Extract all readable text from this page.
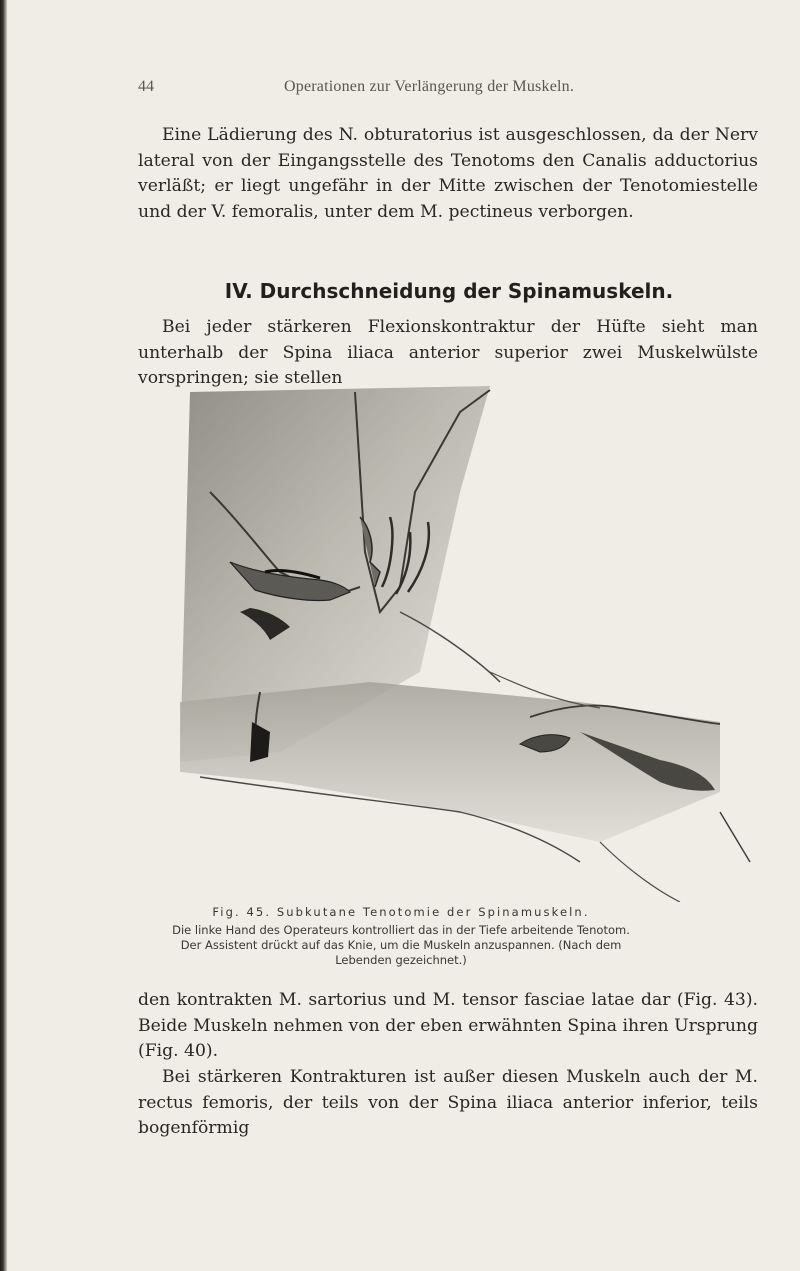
44	Operationen zur Verlängerung der Muskeln.

Eine Lädierung des N. obturatorius ist ausgeschlossen, da der Nerv lateral von der Eingangsstelle des Tenotoms den Canalis adductorius verläßt; er liegt ungefähr in der Mitte zwischen der Tenotomiestelle und der V. femoralis, unter dem M. pectineus verborgen.

IV. Durchschneidung der Spinamuskeln.

Bei jeder stärkeren Flexionskontraktur der Hüfte sieht man unterhalb der Spina iliaca anterior superior zwei Muskelwülste vorspringen; sie stellen

Fig. 45. Subkutane Tenotomie der Spinamuskeln.
Die linke Hand des Operateurs kontrolliert das in der Tiefe arbeitende Tenotom. Der Assistent drückt auf das Knie, um die Muskeln anzuspannen. (Nach dem Lebenden gezeichnet.)

den kontrakten M. sartorius und M. tensor fasciae latae dar (Fig. 43). Beide Muskeln nehmen von der eben erwähnten Spina ihren Ursprung (Fig. 40).

Bei stärkeren Kontrakturen ist außer diesen Muskeln auch der M. rectus femoris, der teils von der Spina iliaca anterior inferior, teils bogenförmig
